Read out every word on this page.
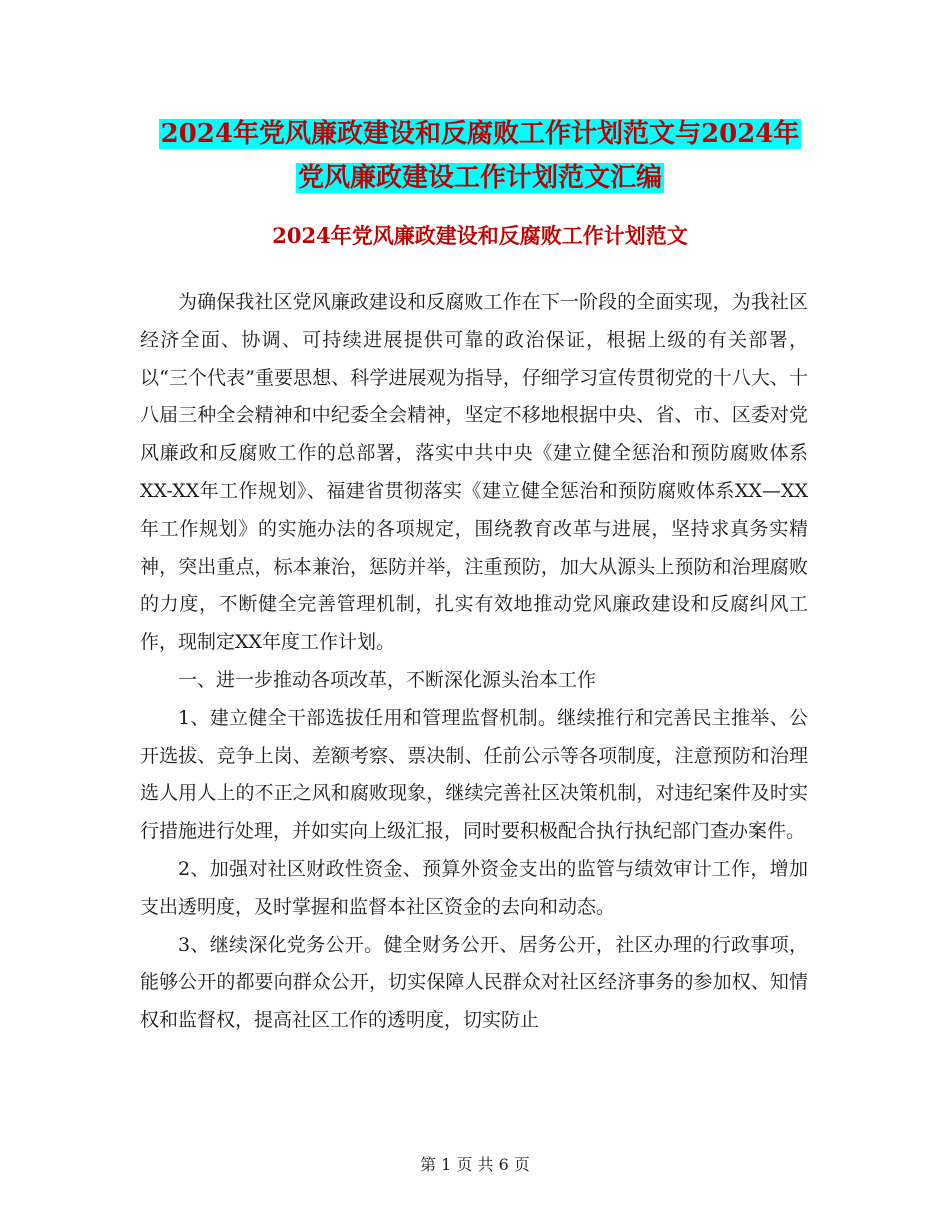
2024年党风廉政建设和反腐败工作计划范文与2024年
党风廉政建设工作计划范文汇编
2024年党风廉政建设和反腐败工作计划范文

为确保我社区党风廉政建设和反腐败工作在下一阶段的全面实现，为我社区经济全面、协调、可持续进展提供可靠的政治保证，根据上级的有关部署，以“三个代表”重要思想、科学进展观为指导，仔细学习宣传贯彻党的十八大、十八届三种全会精神和中纪委全会精神，坚定不移地根据中央、省、市、区委对党风廉政和反腐败工作的总部署，落实中共中央《建立健全惩治和预防腐败体系XX-XX年工作规划》、福建省贯彻落实《建立健全惩治和预防腐败体系XX—XX年工作规划》的实施办法的各项规定，围绕教育改革与进展，坚持求真务实精神，突出重点，标本兼治，惩防并举，注重预防，加大从源头上预防和治理腐败的力度，不断健全完善管理机制，扎实有效地推动党风廉政建设和反腐纠风工作，现制定XX年度工作计划。

一、进一步推动各项改革，不断深化源头治本工作

1、建立健全干部选拔任用和管理监督机制。继续推行和完善民主推举、公开选拔、竞争上岗、差额考察、票决制、任前公示等各项制度，注意预防和治理选人用人上的不正之风和腐败现象，继续完善社区决策机制，对违纪案件及时实行措施进行处理，并如实向上级汇报，同时要积极配合执行执纪部门查办案件。

2、加强对社区财政性资金、预算外资金支出的监管与绩效审计工作，增加支出透明度，及时掌握和监督本社区资金的去向和动态。

3、继续深化党务公开。健全财务公开、居务公开，社区办理的行政事项，能够公开的都要向群众公开，切实保障人民群众对社区经济事务的参加权、知情权和监督权，提高社区工作的透明度，切实防止

第 1 页 共 6 页
